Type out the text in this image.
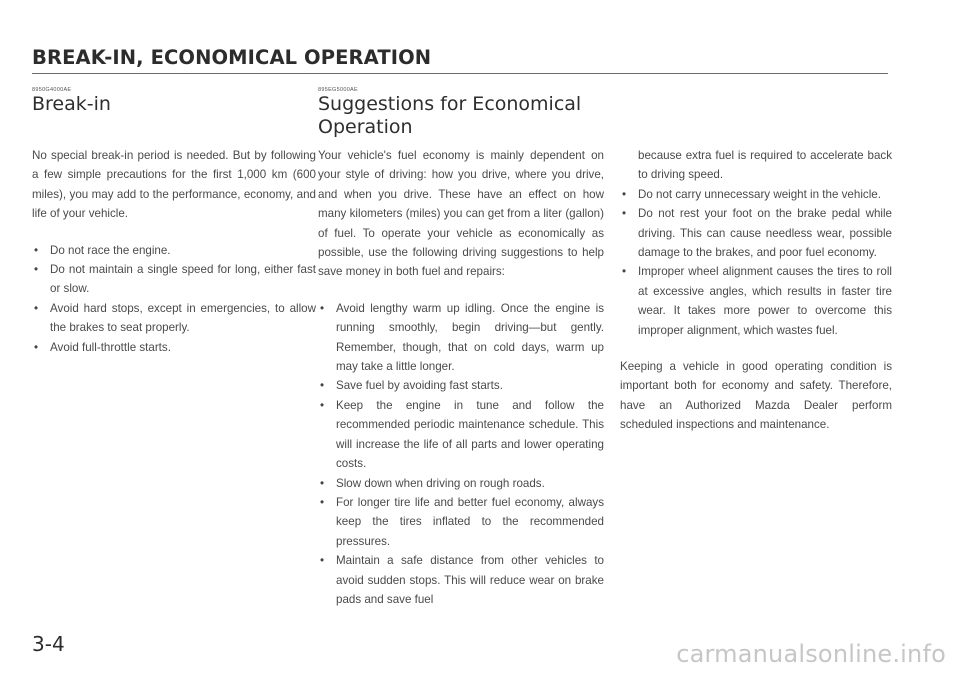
BREAK-IN, ECONOMICAL OPERATION
8950G4000AE
Break-in

No special break-in period is needed. But by following a few simple precautions for the first 1,000 km (600 miles), you may add to the performance, economy, and life of your vehicle.

• Do not race the engine.
• Do not maintain a single speed for long, either fast or slow.
• Avoid hard stops, except in emergencies, to allow the brakes to seat properly.
• Avoid full-throttle starts.
895EG5000AE
Suggestions for Economical
Operation

Your vehicle's fuel economy is mainly dependent on your style of driving: how you drive, where you drive, and when you drive. These have an effect on how many kilometers (miles) you can get from a liter (gallon) of fuel. To operate your vehicle as economically as possible, use the following driving suggestions to help save money in both fuel and repairs:

• Avoid lengthy warm up idling. Once the engine is running smoothly, begin driving—but gently. Remember, though, that on cold days, warm up may take a little longer.
• Save fuel by avoiding fast starts.
• Keep the engine in tune and follow the recommended periodic maintenance schedule. This will increase the life of all parts and lower operating costs.
• Slow down when driving on rough roads.
• For longer tire life and better fuel economy, always keep the tires inflated to the recommended pressures.
• Maintain a safe distance from other vehicles to avoid sudden stops. This will reduce wear on brake pads and save fuel

because extra fuel is required to accelerate back to driving speed.

• Do not carry unnecessary weight in the vehicle.
• Do not rest your foot on the brake pedal while driving. This can cause needless wear, possible damage to the brakes, and poor fuel economy.
• Improper wheel alignment causes the tires to roll at excessive angles, which results in faster tire wear. It takes more power to overcome this improper alignment, which wastes fuel.

Keeping a vehicle in good operating condition is important both for economy and safety. Therefore, have an Authorized Mazda Dealer perform scheduled inspections and maintenance.

3-4	carmanualsonline.info
